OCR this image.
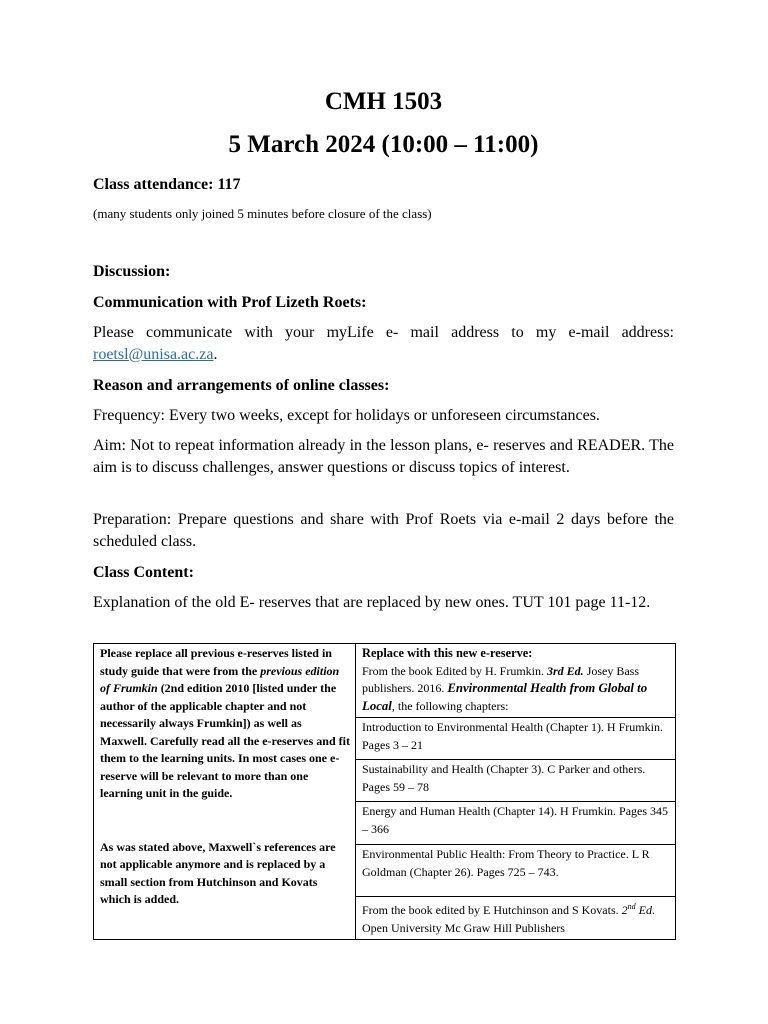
CMH 1503
5 March 2024 (10:00 – 11:00)
Class attendance: 117
(many students only joined 5 minutes before closure of the class)
Discussion:
Communication with Prof Lizeth Roets:
Please communicate with your myLife e- mail address to my e-mail address: roetsl@unisa.ac.za.
Reason and arrangements of online classes:
Frequency: Every two weeks, except for holidays or unforeseen circumstances.
Aim: Not to repeat information already in the lesson plans, e- reserves and READER. The aim is to discuss challenges, answer questions or discuss topics of interest.
Preparation: Prepare questions and share with Prof Roets via e-mail 2 days before the scheduled class.
Class Content:
Explanation of the old E- reserves that are replaced by new ones. TUT 101 page 11-12.
Please replace all previous e-reserves listed in study guide that were from the previous edition of Frumkin (2nd edition 2010 [listed under the author of the applicable chapter and not necessarily always Frumkin]) as well as Maxwell. Carefully read all the e-reserves and fit them to the learning units. In most cases one e-reserve will be relevant to more than one learning unit in the guide.
As was stated above, Maxwell`s references are not applicable anymore and is replaced by a small section from Hutchinson and Kovats which is added.

Replace with this new e-reserve:
From the book Edited by H. Frumkin. 3rd Ed. Josey Bass publishers. 2016. Environmental Health from Global to Local, the following chapters:

Introduction to Environmental Health (Chapter 1). H Frumkin. Pages 3 – 21
Sustainability and Health (Chapter 3). C Parker and others. Pages 59 – 78
Energy and Human Health (Chapter 14). H Frumkin. Pages 345 – 366
Environmental Public Health: From Theory to Practice. L R Goldman (Chapter 26). Pages 725 – 743.
From the book edited by E Hutchinson and S Kovats. 2nd Ed. Open University Mc Graw Hill Publishers
